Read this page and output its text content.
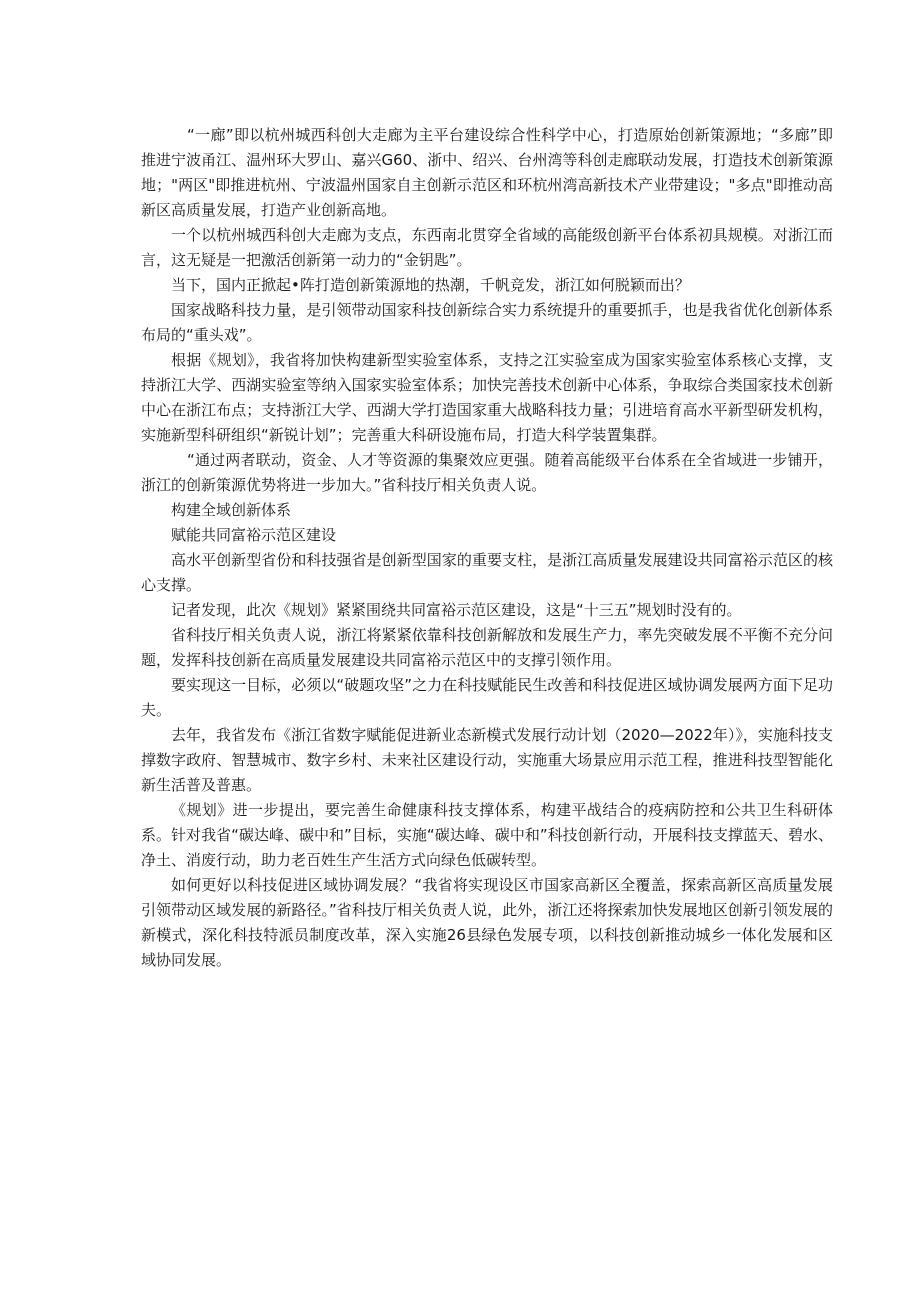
“一廊”即以杭州城西科创大走廊为主平台建设综合性科学中心，打造原始创新策源地；“多廊”即推进宁波甬江、温州环大罗山、嘉兴G60、浙中、绍兴、台州湾等科创走廊联动发展，打造技术创新策源地；"两区"即推进杭州、宁波温州国家自主创新示范区和环杭州湾高新技术产业带建设；"多点"即推动高新区高质量发展，打造产业创新高地。

一个以杭州城西科创大走廊为支点，东西南北贯穿全省域的高能级创新平台体系初具规模。对浙江而言，这无疑是一把激活创新第一动力的“金钥匙”。

当下，国内正掀起•阵打造创新策源地的热潮，千帆竞发，浙江如何脱颖而出？

国家战略科技力量，是引领带动国家科技创新综合实力系统提升的重要抓手，也是我省优化创新体系布局的“重头戏”。

根据《规划》，我省将加快构建新型实验室体系，支持之江实验室成为国家实验室体系核心支撑，支持浙江大学、西湖实验室等纳入国家实验室体系；加快完善技术创新中心体系，争取综合类国家技术创新中心在浙江布点；支持浙江大学、西湖大学打造国家重大战略科技力量；引进培育高水平新型研发机构，实施新型科研组织“新锐计划”；完善重大科研设施布局，打造大科学装置集群。

“通过两者联动，资金、人才等资源的集聚效应更强。随着高能级平台体系在全省域进一步铺开，浙江的创新策源优势将进一步加大。”省科技厅相关负责人说。

构建全域创新体系

赋能共同富裕示范区建设

高水平创新型省份和科技强省是创新型国家的重要支柱，是浙江高质量发展建设共同富裕示范区的核心支撑。

记者发现，此次《规划》紧紧围绕共同富裕示范区建设，这是“十三五”规划时没有的。

省科技厅相关负责人说，浙江将紧紧依靠科技创新解放和发展生产力，率先突破发展不平衡不充分问题，发挥科技创新在高质量发展建设共同富裕示范区中的支撑引领作用。

要实现这一目标，必须以“破题攻坚”之力在科技赋能民生改善和科技促进区域协调发展两方面下足功夫。

去年，我省发布《浙江省数字赋能促进新业态新模式发展行动计划（2020—2022年）》，实施科技支撑数字政府、智慧城市、数字乡村、未来社区建设行动，实施重大场景应用示范工程，推进科技型智能化新生活普及普惠。

《规划》进一步提出，要完善生命健康科技支撑体系，构建平战结合的疫病防控和公共卫生科研体系。针对我省“碳达峰、碳中和”目标，实施“碳达峰、碳中和”科技创新行动，开展科技支撑蓝天、碧水、净土、消废行动，助力老百姓生产生活方式向绿色低碳转型。

如何更好以科技促进区域协调发展？“我省将实现设区市国家高新区全覆盖，探索高新区高质量发展引领带动区域发展的新路径。”省科技厅相关负责人说，此外，浙江还将探索加快发展地区创新引领发展的新模式，深化科技特派员制度改革，深入实施26县绿色发展专项，以科技创新推动城乡一体化发展和区域协同发展。
